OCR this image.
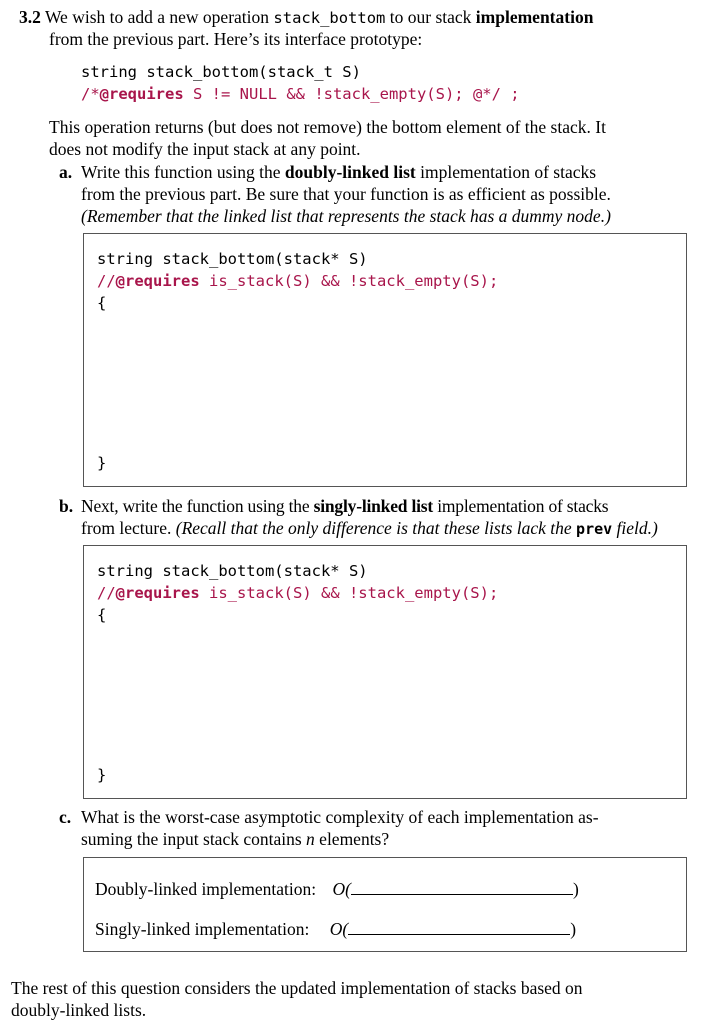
3.2 We wish to add a new operation stack_bottom to our stack implementation
from the previous part. Here’s its interface prototype:
string stack_bottom(stack_t S)
/*@requires S != NULL && !stack_empty(S); @*/ ;
This operation returns (but does not remove) the bottom element of the stack. It
does not modify the input stack at any point.
a. Write this function using the doubly-linked list implementation of stacks
from the previous part. Be sure that your function is as efficient as possible.
(Remember that the linked list that represents the stack has a dummy node.)
string stack_bottom(stack* S)
//@requires is_stack(S) && !stack_empty(S);
{
}
b. Next, write the function using the singly-linked list implementation of stacks
from lecture. (Recall that the only difference is that these lists lack the prev field.)
string stack_bottom(stack* S)
//@requires is_stack(S) && !stack_empty(S);
{
}
c. What is the worst-case asymptotic complexity of each implementation as-
suming the input stack contains n elements?
Doubly-linked implementation: O(	)
Singly-linked implementation: O(	)
The rest of this question considers the updated implementation of stacks based on
doubly-linked lists.
